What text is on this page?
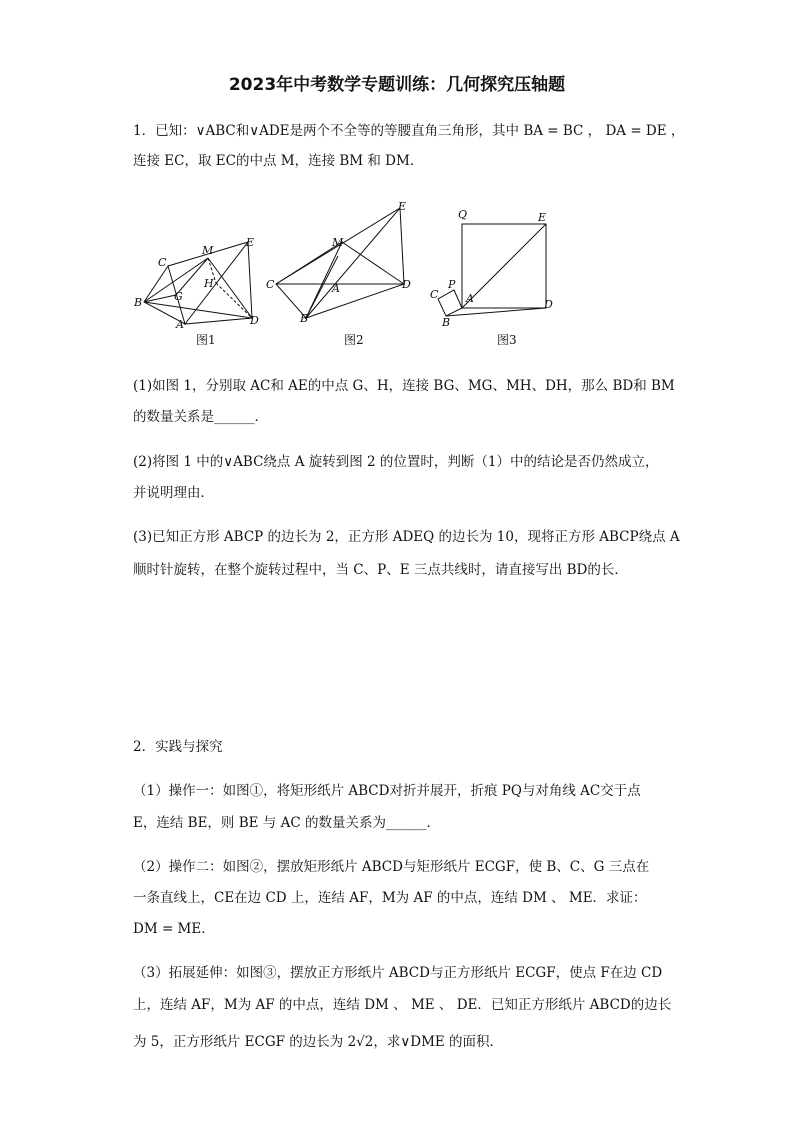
2023年中考数学专题训练：几何探究压轴题
1．已知：∨ABC和∨ADE是两个不全等的等腰直角三角形，其中 BA = BC ， DA = DE ，
连接 EC，取 EC的中点 M，连接 BM 和 DM．
C
M
E
B	G
H
A	D
图1
E
M
C	A	D
B
图2
Q	E
P
C	A
B
D
图3
(1)如图 1，分别取 AC和 AE的中点 G、H，连接 BG、MG、MH、DH，那么 BD和 BM
的数量关系是______．
(2)将图 1 中的∨ABC绕点 A 旋转到图 2 的位置时，判断（1）中的结论是否仍然成立，
并说明理由．
(3)已知正方形 ABCP 的边长为 2，正方形 ADEQ 的边长为 10，现将正方形 ABCP绕点 A
顺时针旋转，在整个旋转过程中，当 C、P、E 三点共线时，请直接写出 BD的长．
2．实践与探究
（1）操作一：如图①，将矩形纸片 ABCD对折并展开，折痕 PQ与对角线 AC交于点
E，连结 BE，则 BE 与 AC 的数量关系为______．
（2）操作二：如图②，摆放矩形纸片 ABCD与矩形纸片 ECGF，使 B、C、G 三点在
一条直线上，CE在边 CD 上，连结 AF，M为 AF 的中点，连结 DM 、 ME．求证：
DM = ME．
（3）拓展延伸：如图③，摆放正方形纸片 ABCD与正方形纸片 ECGF，使点 F在边 CD
上，连结 AF，M为 AF 的中点，连结 DM 、 ME 、 DE．已知正方形纸片 ABCD的边长
为 5，正方形纸片 ECGF 的边长为 2√2，求∨DME 的面积．
